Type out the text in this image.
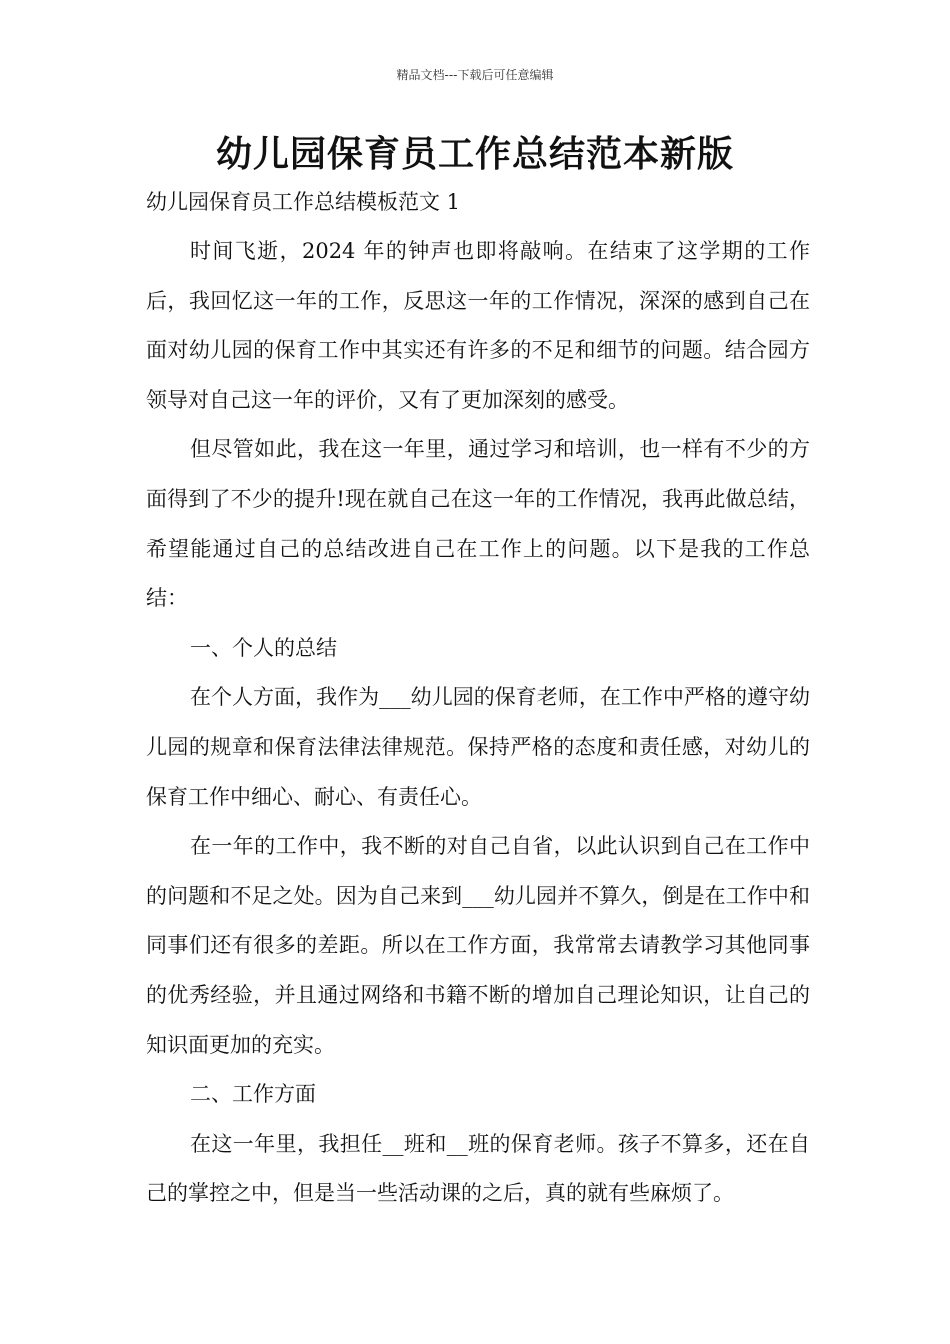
精品文档---下载后可任意编辑
幼儿园保育员工作总结范本新版
幼儿园保育员工作总结模板范文 1

时间飞逝，2024 年的钟声也即将敲响。在结束了这学期的工作后，我回忆这一年的工作，反思这一年的工作情况，深深的感到自己在面对幼儿园的保育工作中其实还有许多的不足和细节的问题。结合园方领导对自己这一年的评价，又有了更加深刻的感受。

但尽管如此，我在这一年里，通过学习和培训，也一样有不少的方面得到了不少的提升!现在就自己在这一年的工作情况，我再此做总结，希望能通过自己的总结改进自己在工作上的问题。以下是我的工作总结：

一、个人的总结

在个人方面，我作为___幼儿园的保育老师，在工作中严格的遵守幼儿园的规章和保育法律法律规范。保持严格的态度和责任感，对幼儿的保育工作中细心、耐心、有责任心。

在一年的工作中，我不断的对自己自省，以此认识到自己在工作中的问题和不足之处。因为自己来到___幼儿园并不算久，倒是在工作中和同事们还有很多的差距。所以在工作方面，我常常去请教学习其他同事的优秀经验，并且通过网络和书籍不断的增加自己理论知识，让自己的知识面更加的充实。

二、工作方面

在这一年里，我担任__班和__班的保育老师。孩子不算多，还在自己的掌控之中，但是当一些活动课的之后，真的就有些麻烦了。
